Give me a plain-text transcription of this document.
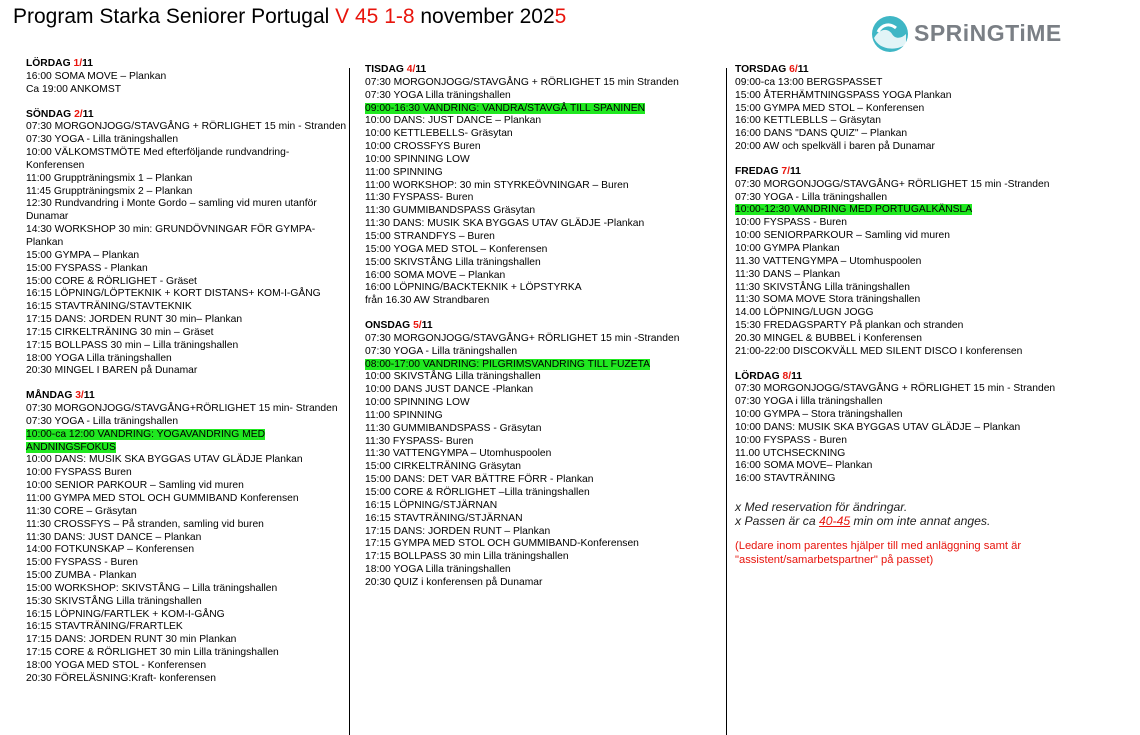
Program Starka Seniorer Portugal V 45 1-8 november 2025
SPRiNGTiME
LÖRDAG 1/11
16:00 SOMA MOVE – Plankan
Ca 19:00 ANKOMST
SÖNDAG 2/11
07:30 MORGONJOGG/STAVGÅNG + RÖRLIGHET 15 min - Stranden
07:30 YOGA - Lilla träningshallen
10:00 VÄLKOMSTMÖTE Med efterföljande rundvandring- Konferensen
11:00 Gruppträningsmix 1 – Plankan
11:45 Gruppträningsmix 2 – Plankan
12:30 Rundvandring i Monte Gordo – samling vid muren utanför Dunamar
14:30 WORKSHOP 30 min: GRUNDÖVNINGAR FÖR GYMPA- Plankan
15:00 GYMPA – Plankan
15:00 FYSPASS - Plankan
15:00 CORE & RÖRLIGHET - Gräset
16:15 LÖPNING/LÖPTEKNIK + KORT DISTANS+ KOM-I-GÅNG
16:15 STAVTRÄNING/STAVTEKNIK
17:15 DANS: JORDEN RUNT 30 min– Plankan
17:15 CIRKELTRÄNING 30 min – Gräset
17:15 BOLLPASS 30 min – Lilla träningshallen
18:00 YOGA Lilla träningshallen
20:30 MINGEL I BAREN på Dunamar
MÅNDAG 3/11
07:30 MORGONJOGG/STAVGÅNG+RÖRLIGHET 15 min- Stranden
07:30 YOGA - Lilla träningshallen
10:00-ca 12:00 VANDRING: YOGAVANDRING MED ANDNINGSFOKUS
10:00 DANS: MUSIK SKA BYGGAS UTAV GLÄDJE Plankan
10:00 FYSPASS Buren
10:00 SENIOR PARKOUR – Samling vid muren
11:00 GYMPA MED STOL OCH GUMMIBAND Konferensen
11:30 CORE – Gräsytan
11:30 CROSSFYS – På stranden, samling vid buren
11:30 DANS: JUST DANCE – Plankan
14:00 FOTKUNSKAP – Konferensen
15:00 FYSPASS - Buren
15:00 ZUMBA - Plankan
15:00 WORKSHOP: SKIVSTÅNG – Lilla träningshallen
15:30 SKIVSTÅNG Lilla träningshallen
16:15 LÖPNING/FARTLEK + KOM-I-GÅNG
16:15 STAVTRÄNING/FRARTLEK
17:15 DANS: JORDEN RUNT 30 min Plankan
17:15 CORE & RÖRLIGHET 30 min Lilla träningshallen
18:00 YOGA MED STOL - Konferensen
20:30 FÖRELÄSNING:Kraft- konferensen
TISDAG 4/11
07:30 MORGONJOGG/STAVGÅNG + RÖRLIGHET 15 min Stranden
07:30 YOGA Lilla träningshallen
09:00-16:30 VANDRING: VANDRA/STAVGÅ TILL SPANINEN
10:00 DANS: JUST DANCE – Plankan
10:00 KETTLEBELLS- Gräsytan
10:00 CROSSFYS Buren
10:00 SPINNING LOW
11:00 SPINNING
11:00 WORKSHOP: 30 min STYRKEÖVNINGAR – Buren
11:30 FYSPASS- Buren
11:30 GUMMIBANDSPASS Gräsytan
11:30 DANS: MUSIK SKA BYGGAS UTAV GLÄDJE -Plankan
15:00 STRANDFYS – Buren
15:00 YOGA MED STOL – Konferensen
15:00 SKIVSTÅNG Lilla träningshallen
16:00 SOMA MOVE – Plankan
16:00 LÖPNING/BACKTEKNIK + LÖPSTYRKA
från 16.30 AW Strandbaren
ONSDAG 5/11
07:30 MORGONJOGG/STAVGÅNG+ RÖRLIGHET 15 min -Stranden
07:30 YOGA - Lilla träningshallen
08:00-17:00 VANDRING: PILGRIMSVANDRING TILL FUZETA
10:00 SKIVSTÅNG Lilla träningshallen
10:00 DANS JUST DANCE -Plankan
10:00 SPINNING LOW
11:00 SPINNING
11:30 GUMMIBANDSPASS - Gräsytan
11:30 FYSPASS- Buren
11:30 VATTENGYMPA – Utomhuspoolen
15:00 CIRKELTRÄNING Gräsytan
15:00 DANS: DET VAR BÄTTRE FÖRR - Plankan
15:00 CORE & RÖRLIGHET –Lilla träningshallen
16:15 LÖPNING/STJÄRNAN
16:15 STAVTRÄNING/STJÄRNAN
17:15 DANS: JORDEN RUNT – Plankan
17:15 GYMPA MED STOL OCH GUMMIBAND-Konferensen
17:15 BOLLPASS 30 min Lilla träningshallen
18:00 YOGA Lilla träningshallen
20:30 QUIZ i konferensen på Dunamar
TORSDAG 6/11
09:00-ca 13:00 BERGSPASSET
15:00 ÅTERHÄMTNINGSPASS YOGA Plankan
15:00 GYMPA MED STOL – Konferensen
16:00 KETTLEBLLS – Gräsytan
16:00 DANS "DANS QUIZ" – Plankan
20:00 AW och spelkväll i baren på Dunamar
FREDAG 7/11
07:30 MORGONJOGG/STAVGÅNG+ RÖRLIGHET 15 min -Stranden
07:30 YOGA - Lilla träningshallen
10:00-12:30 VANDRING MED PORTUGALKÄNSLA
10:00 FYSPASS - Buren
10:00 SENIORPARKOUR – Samling vid muren
10:00 GYMPA Plankan
11.30 VATTENGYMPA – Utomhuspoolen
11:30 DANS – Plankan
11:30 SKIVSTÅNG Lilla träningshallen
11:30 SOMA MOVE Stora träningshallen
14.00 LÖPNING/LUGN JOGG
15:30 FREDAGSPARTY På plankan och stranden
20.30 MINGEL & BUBBEL i Konferensen
21:00-22:00 DISCOKVÄLL MED SILENT DISCO I konferensen
LÖRDAG 8/11
07:30 MORGONJOGG/STAVGÅNG + RÖRLIGHET 15 min - Stranden
07:30 YOGA i lilla träningshallen
10:00 GYMPA – Stora träningshallen
10:00 DANS: MUSIK SKA BYGGAS UTAV GLÄDJE – Plankan
10:00 FYSPASS - Buren
11.00 UTCHSECKNING
16:00 SOMA MOVE– Plankan
16:00 STAVTRÄNING
x Med reservation för ändringar.
x Passen är ca 40-45 min om inte annat anges.
(Ledare inom parentes hjälper till med anläggning samt är "assistent/samarbetspartner" på passet)
